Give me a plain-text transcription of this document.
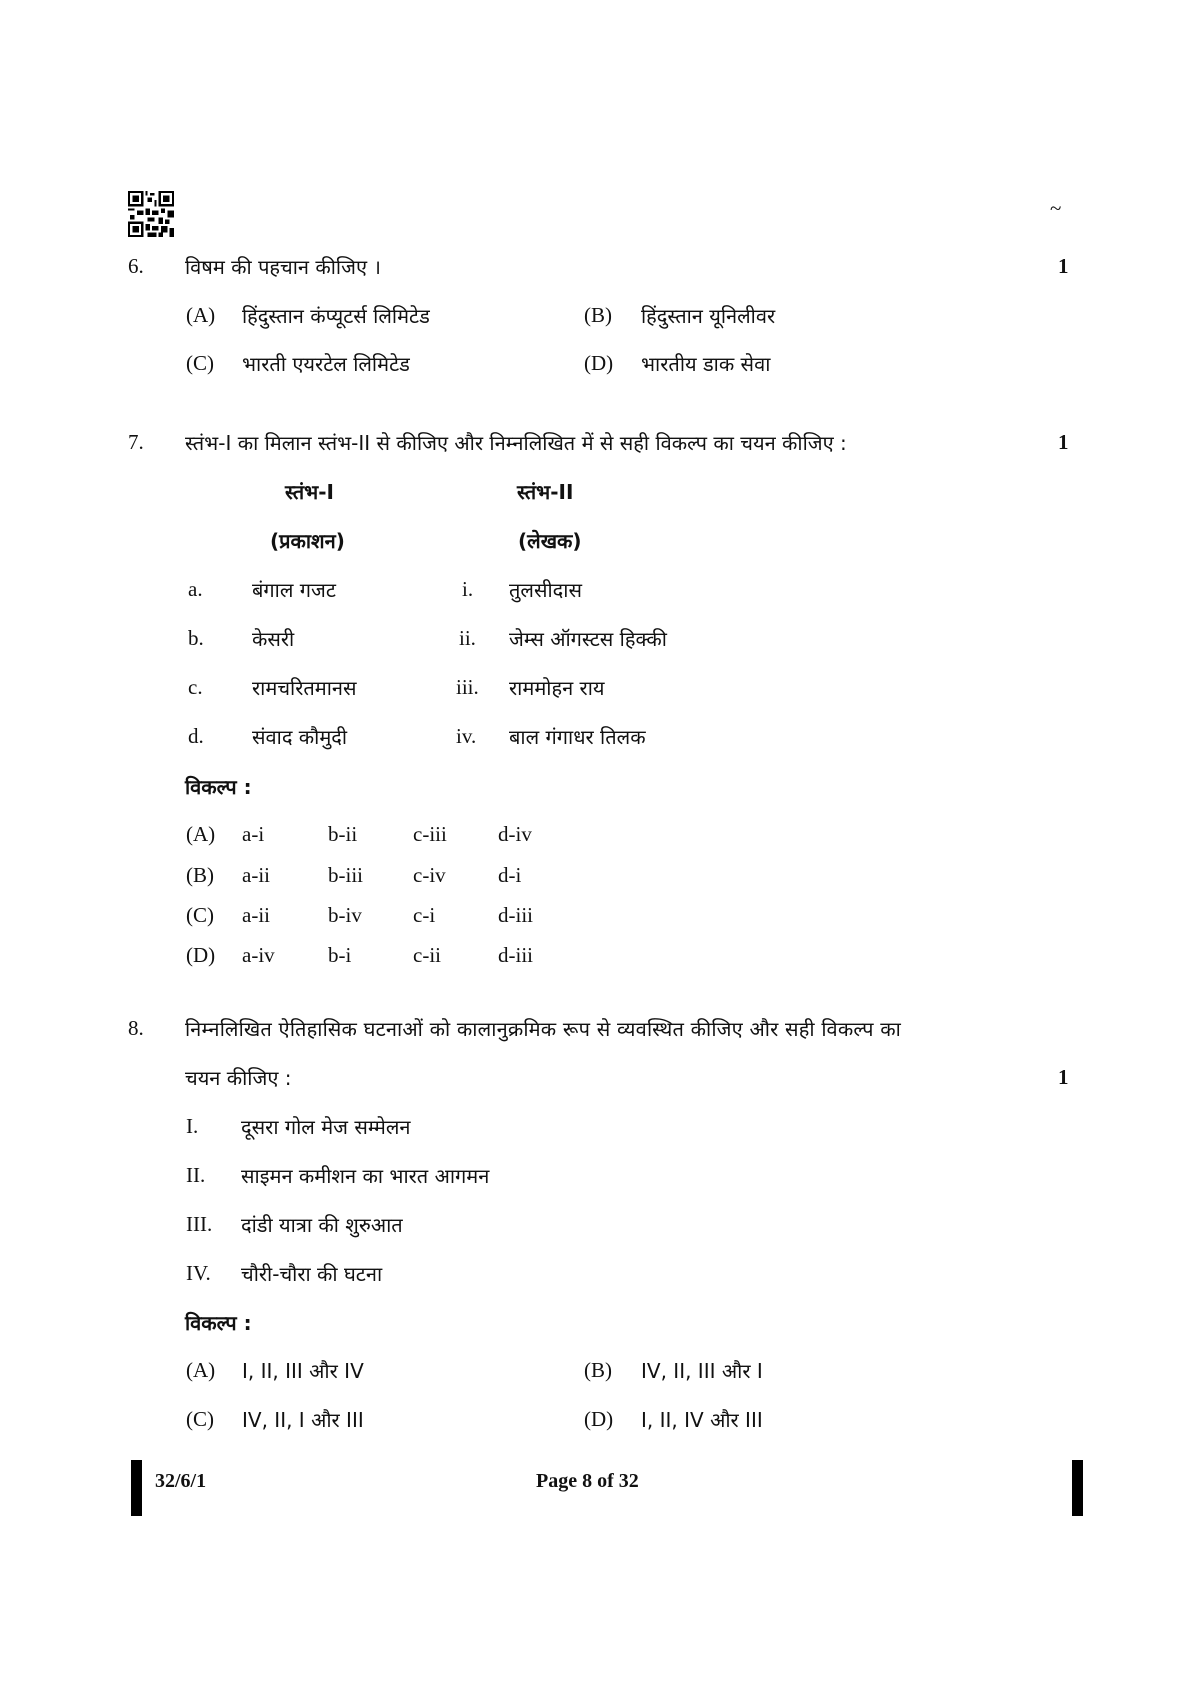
~
6. विषम की पहचान कीजिए ।	1
(A) हिंदुस्तान कंप्यूटर्स लिमिटेड	(B) हिंदुस्तान यूनिलीवर
(C) भारती एयरटेल लिमिटेड	(D) भारतीय डाक सेवा
7. स्तंभ-I का मिलान स्तंभ-II से कीजिए और निम्नलिखित में से सही विकल्प का चयन कीजिए :	1
स्तंभ-I	स्तंभ-II
(प्रकाशन)	(लेखक)
a. बंगाल गजट	i. तुलसीदास
b. केसरी	ii. जेम्स ऑगस्टस हिक्की
c. रामचरितमानस	iii. राममोहन राय
d. संवाद कौमुदी	iv. बाल गंगाधर तिलक
विकल्प :
(A) a-i	b-ii	c-iii d-iv
(B) a-ii	b-iii c-iv d-i
(C) a-ii	b-iv c-i	d-iii
(D) a-iv	b-i	c-ii	d-iii
8. निम्नलिखित ऐतिहासिक घटनाओं को कालानुक्रमिक रूप से व्यवस्थित कीजिए और सही विकल्प का
चयन कीजिए :	1
I. दूसरा गोल मेज सम्मेलन
II. साइमन कमीशन का भारत आगमन
III. दांडी यात्रा की शुरुआत
IV. चौरी-चौरा की घटना
विकल्प :
(A) I, II, III और IV	(B) IV, II, III और I
(C) IV, II, I और III	(D) I, II, IV और III
32/6/1	Page 8 of 32
